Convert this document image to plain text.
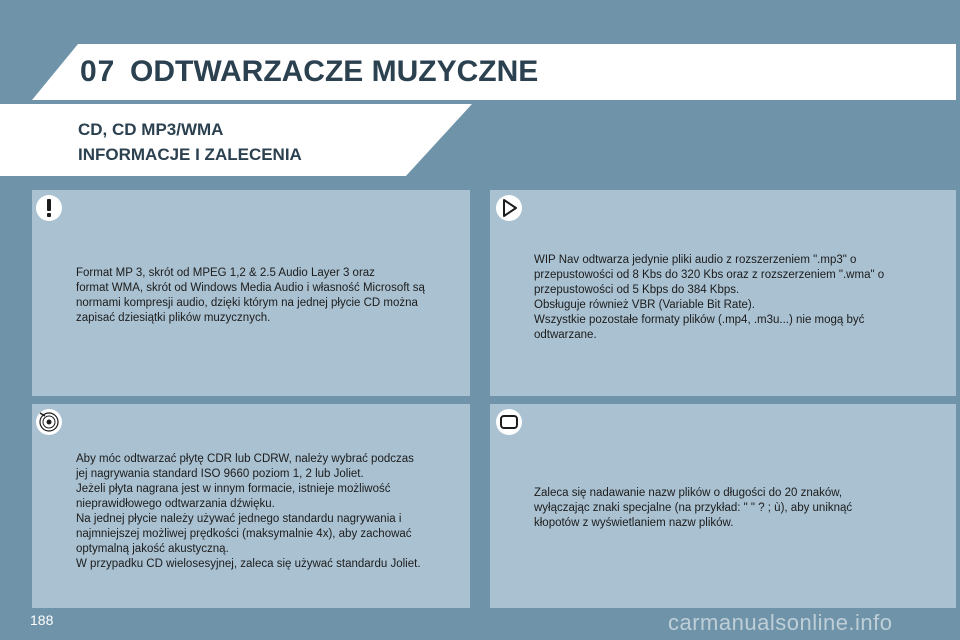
07 ODTWARZACZE MUZYCZNE
CD, CD MP3/WMA
INFORMACJE I ZALECENIA
Format MP 3, skrót od MPEG 1,2 & 2.5 Audio Layer 3 oraz
format WMA, skrót od Windows Media Audio i własność Microsoft są
normami kompresji audio, dzięki którym na jednej płycie CD można
zapisać dziesiątki plików muzycznych.
WIP Nav odtwarza jedynie pliki audio z rozszerzeniem ".mp3" o
przepustowości od 8 Kbs do 320 Kbs oraz z rozszerzeniem ".wma" o
przepustowości od 5 Kbps do 384 Kbps.
Obsługuje również VBR (Variable Bit Rate).
Wszystkie pozostałe formaty plików (.mp4, .m3u...) nie mogą być
odtwarzane.
Aby móc odtwarzać płytę CDR lub CDRW, należy wybrać podczas
jej nagrywania standard ISO 9660 poziom 1, 2 lub Joliet.
Jeżeli płyta nagrana jest w innym formacie, istnieje możliwość
nieprawidłowego odtwarzania dźwięku.
Na jednej płycie należy używać jednego standardu nagrywania i
najmniejszej możliwej prędkości (maksymalnie 4x), aby zachować
optymalną jakość akustyczną.
W przypadku CD wielosesyjnej, zaleca się używać standardu Joliet.
Zaleca się nadawanie nazw plików o długości do 20 znaków,
wyłączając znaki specjalne (na przykład: " " ? ; ù), aby uniknąć
kłopotów z wyświetlaniem nazw plików.
188	carmanualsonline.info
